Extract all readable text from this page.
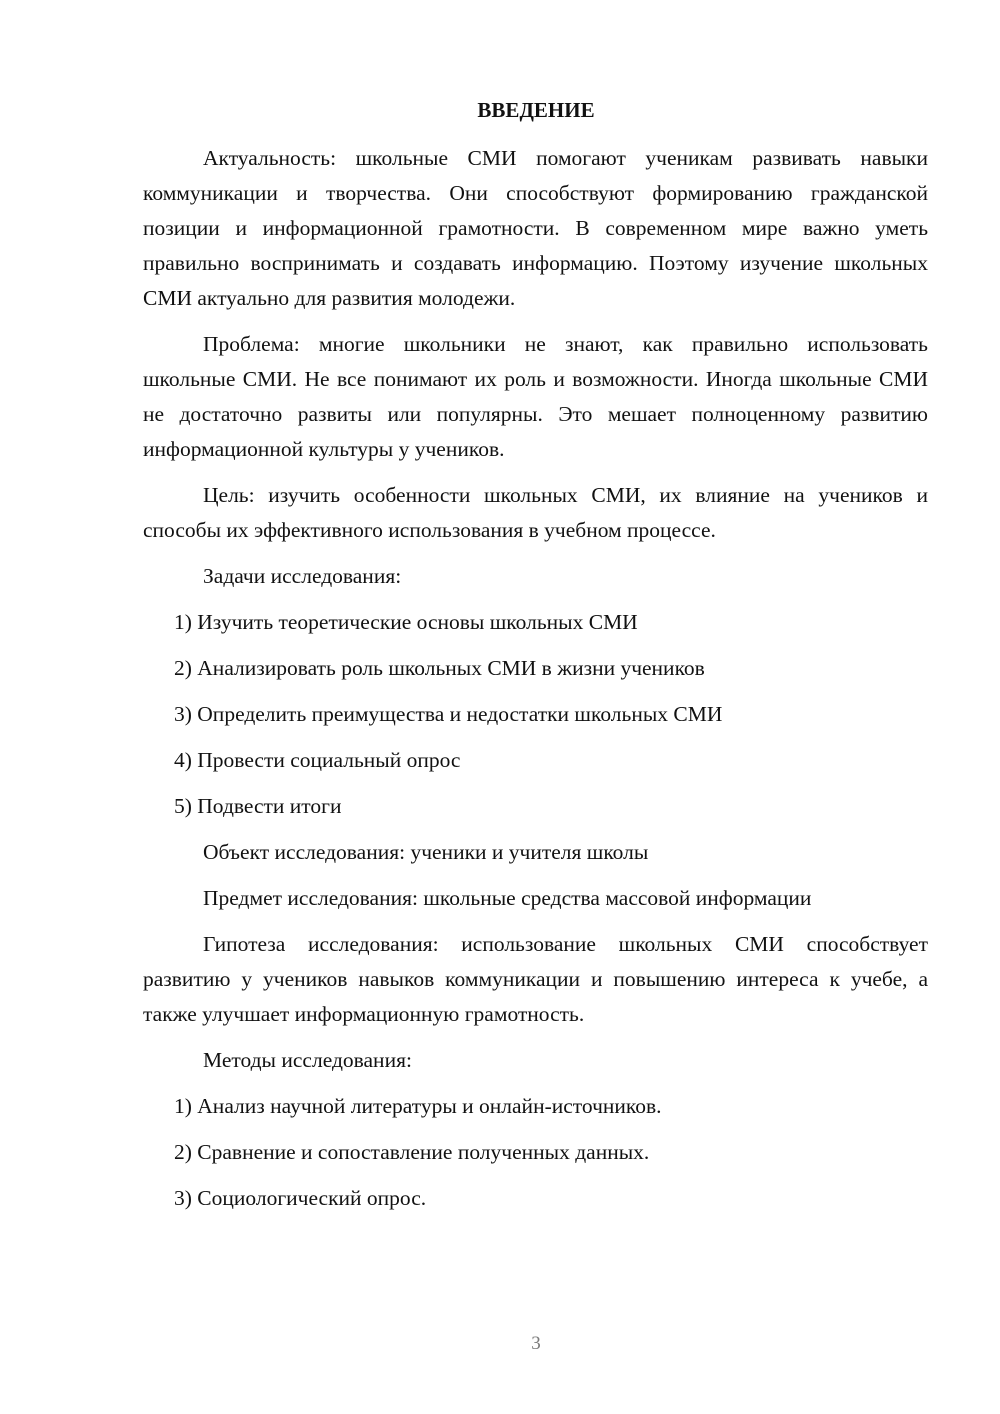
ВВЕДЕНИЕ

Актуальность: школьные СМИ помогают ученикам развивать навыки коммуникации и творчества. Они способствуют формированию гражданской позиции и информационной грамотности. В современном мире важно уметь правильно воспринимать и создавать информацию. Поэтому изучение школьных СМИ актуально для развития молодежи.

Проблема: многие школьники не знают, как правильно использовать школьные СМИ. Не все понимают их роль и возможности. Иногда школьные СМИ не достаточно развиты или популярны. Это мешает полноценному развитию информационной культуры у учеников.

Цель: изучить особенности школьных СМИ, их влияние на учеников и способы их эффективного использования в учебном процессе.

Задачи исследования:

1) Изучить теоретические основы школьных СМИ

2) Анализировать роль школьных СМИ в жизни учеников

3) Определить преимущества и недостатки школьных СМИ

4) Провести социальный опрос

5) Подвести итоги

Объект исследования: ученики и учителя школы

Предмет исследования: школьные средства массовой информации

Гипотеза исследования: использование школьных СМИ способствует развитию у учеников навыков коммуникации и повышению интереса к учебе, а также улучшает информационную грамотность.

Методы исследования:

1) Анализ научной литературы и онлайн-источников.

2) Сравнение и сопоставление полученных данных.

3) Социологический опрос.

3
